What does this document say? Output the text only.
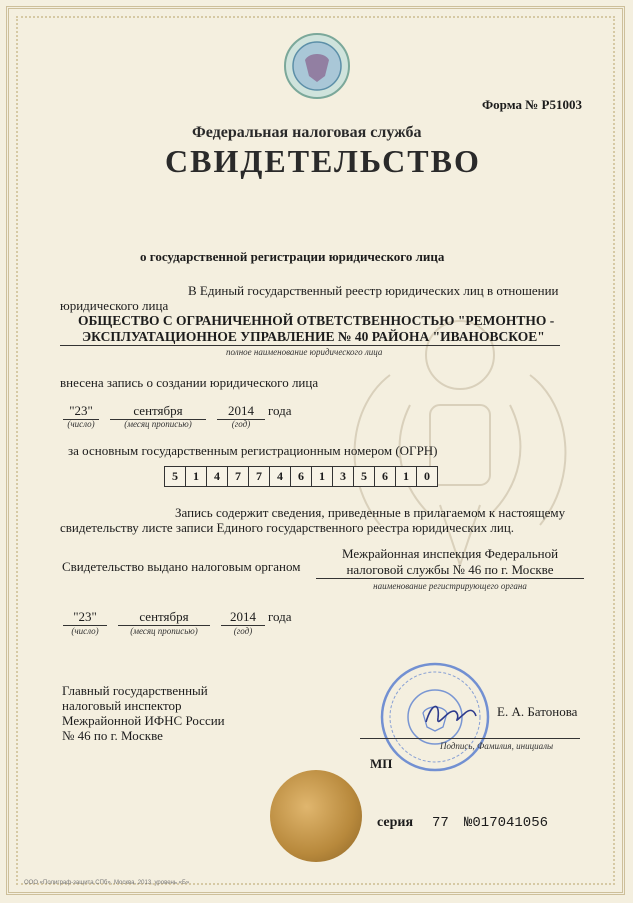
Форма № Р51003
Федеральная налоговая служба
СВИДЕТЕЛЬСТВО
о государственной регистрации юридического лица
В Единый государственный реестр юридических лиц в отношении
юридического лица
ОБЩЕСТВО С ОГРАНИЧЕННОЙ ОТВЕТСТВЕННОСТЬЮ "РЕМОНТНО -
ЭКСПЛУАТАЦИОННОЕ УПРАВЛЕНИЕ № 40 РАЙОНА "ИВАНОВСКОЕ"
полное наименование юридического лица
внесена запись о создании юридического лица
"23"
(число)
сентября
(месяц прописью)
2014
(год)
года
за основным государственным регистрационным номером (ОГРН)
5	1	4	7	7	4	6	1	3	5	6	1	0
Запись содержит сведения, приведенные в прилагаемом к настоящему
свидетельству листе записи Единого государственного реестра юридических лиц.
Свидетельство выдано налоговым органом
Межрайонная инспекция Федеральной
налоговой службы № 46 по г. Москве
наименование регистрирующего органа
"23"
(число)
сентября
(месяц прописью)
2014
(год)
года
Главный государственный
налоговый инспектор
Межрайонной ИФНС России
№ 46 по г. Москве
Е. А. Батонова
Подпись, Фамилия, инициалы
МП
серия 77 №017041056
ООО «Полиграф-защита СПб», Москва, 2013, уровень «Б»
